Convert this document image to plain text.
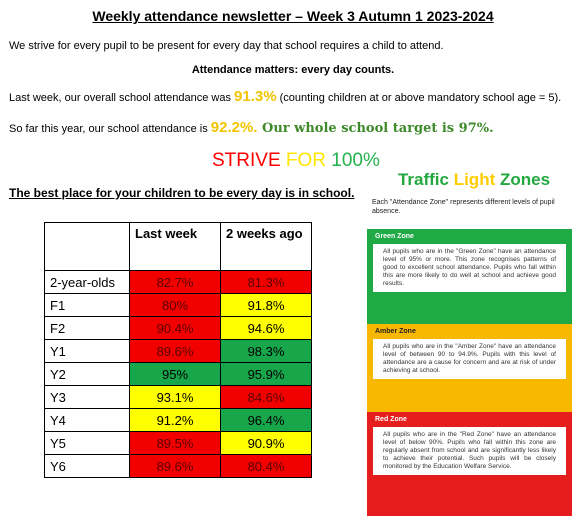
Weekly attendance newsletter – Week 3 Autumn 1 2023-2024
We strive for every pupil to be present for every day that school requires a child to attend.
Attendance matters: every day counts.
Last week, our overall school attendance was 91.3% (counting children at or above mandatory school age = 5).
So far this year, our school attendance is 92.2%. Our whole school target is 97%.
STRIVE FOR 100%
The best place for your children to be every day is in school.
	Last week	2 weeks ago
2-year-olds	82.7%	81.3%
F1	80%	91.8%
F2	90.4%	94.6%
Y1	89.6%	98.3%
Y2	95%	95.9%
Y3	93.1%	84.6%
Y4	91.2%	96.4%
Y5	89.5%	90.9%
Y6	89.6%	80.4%
Traffic Light Zones
Each "Attendance Zone" represents different levels of pupil absence.
Green Zone
All pupils who are in the "Green Zone" have an attendance level of 95% or more. This zone recognises patterns of good to excellent school attendance. Pupils who fall within this are more likely to do well at school and achieve good results.
Amber Zone
All pupils who are in the "Amber Zone" have an attendance level of between 90 to 94.9%. Pupils with this level of attendance are a cause for concern and are at risk of under achieving at school.
Red Zone
All pupils who are in the "Red Zone" have an attendance level of below 90%. Pupils who fall within this zone are regularly absent from school and are significantly less likely to achieve their potential. Such pupils will be closely monitored by the Education Welfare Service.
